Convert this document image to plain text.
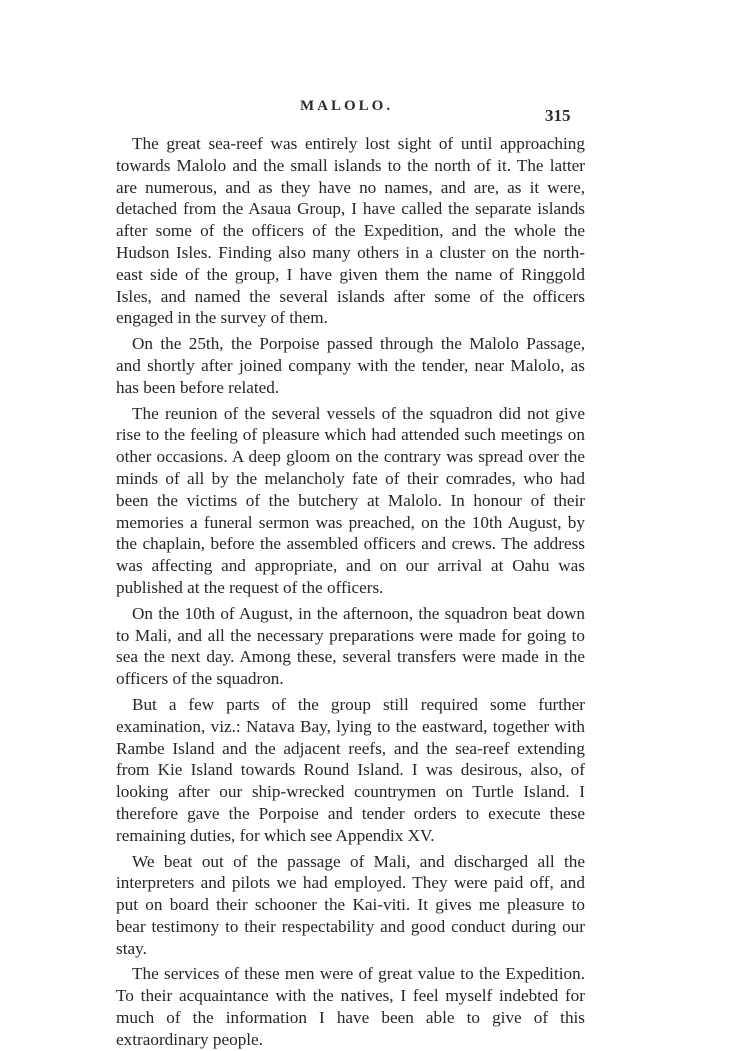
MALOLO.	315

The great sea-reef was entirely lost sight of until approaching towards Malolo and the small islands to the north of it. The latter are numerous, and as they have no names, and are, as it were, detached from the Asaua Group, I have called the separate islands after some of the officers of the Expedition, and the whole the Hudson Isles. Finding also many others in a cluster on the north-east side of the group, I have given them the name of Ringgold Isles, and named the several islands after some of the officers engaged in the survey of them.

On the 25th, the Porpoise passed through the Malolo Passage, and shortly after joined company with the tender, near Malolo, as has been before related.

The reunion of the several vessels of the squadron did not give rise to the feeling of pleasure which had attended such meetings on other occasions. A deep gloom on the contrary was spread over the minds of all by the melancholy fate of their comrades, who had been the victims of the butchery at Malolo. In honour of their memories a funeral sermon was preached, on the 10th August, by the chaplain, before the assembled officers and crews. The address was affecting and appropriate, and on our arrival at Oahu was published at the request of the officers.

On the 10th of August, in the afternoon, the squadron beat down to Mali, and all the necessary preparations were made for going to sea the next day. Among these, several transfers were made in the officers of the squadron.

But a few parts of the group still required some further examination, viz.: Natava Bay, lying to the eastward, together with Rambe Island and the adjacent reefs, and the sea-reef extending from Kie Island towards Round Island. I was desirous, also, of looking after our ship-wrecked countrymen on Turtle Island. I therefore gave the Porpoise and tender orders to execute these remaining duties, for which see Appendix XV.

We beat out of the passage of Mali, and discharged all the interpreters and pilots we had employed. They were paid off, and put on board their schooner the Kai-viti. It gives me pleasure to bear testimony to their respectability and good conduct during our stay.

The services of these men were of great value to the Expedition. To their acquaintance with the natives, I feel myself indebted for much of the information I have been able to give of this extraordinary people.
